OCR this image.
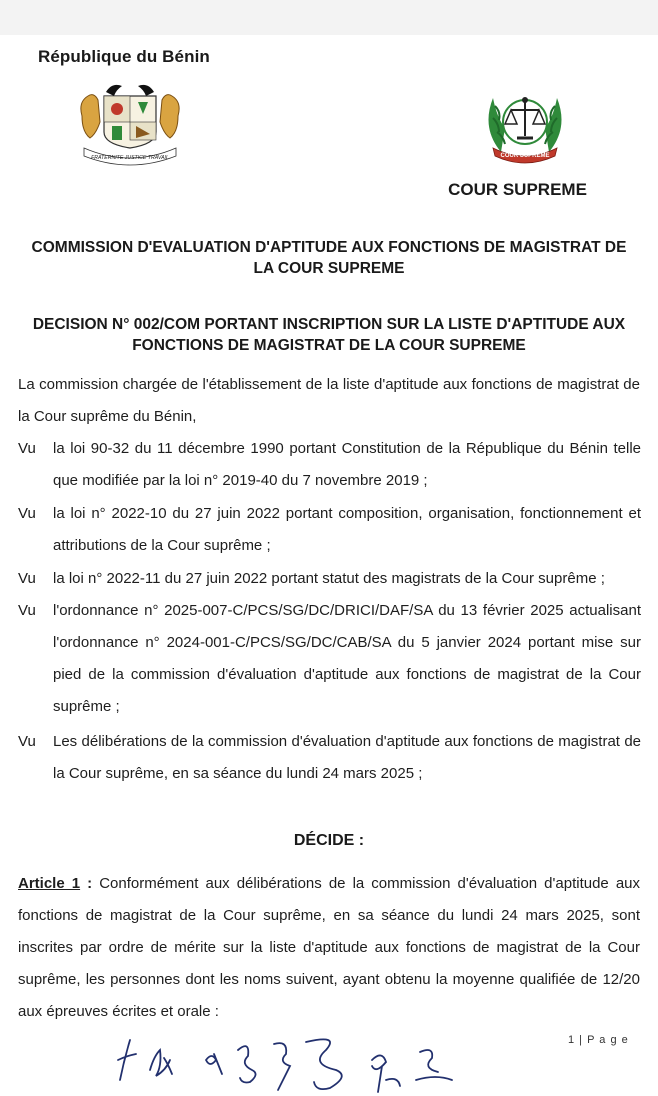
République du Bénin
FRATERNITE JUSTICE TRAVAIL	COUR SUPREME
COUR SUPREME
COMMISSION D'EVALUATION D'APTITUDE AUX FONCTIONS DE MAGISTRAT DE
LA COUR SUPREME
DECISION N° 002/COM PORTANT INSCRIPTION SUR LA LISTE D'APTITUDE AUX
FONCTIONS DE MAGISTRAT DE LA COUR SUPREME
La commission chargée de l'établissement de la liste d'aptitude aux fonctions de magistrat de la Cour suprême du Bénin,
Vu la loi 90-32 du 11 décembre 1990 portant Constitution de la République du Bénin telle que modifiée par la loi n° 2019-40 du 7 novembre 2019 ;
Vu la loi n° 2022-10 du 27 juin 2022 portant composition, organisation, fonctionnement et attributions de la Cour suprême ;
Vu la loi n° 2022-11 du 27 juin 2022 portant statut des magistrats de la Cour suprême ;
Vu l'ordonnance n° 2025-007-C/PCS/SG/DC/DRICI/DAF/SA du 13 février 2025 actualisant l'ordonnance n° 2024-001-C/PCS/SG/DC/CAB/SA du 5 janvier 2024 portant mise sur pied de la commission d'évaluation d'aptitude aux fonctions de magistrat de la Cour suprême ;
Vu Les délibérations de la commission d'évaluation d'aptitude aux fonctions de magistrat de la Cour suprême, en sa séance du lundi 24 mars 2025 ;
DÉCIDE :
Article 1 : Conformément aux délibérations de la commission d'évaluation d'aptitude aux fonctions de magistrat de la Cour suprême, en sa séance du lundi 24 mars 2025, sont inscrites par ordre de mérite sur la liste d'aptitude aux fonctions de magistrat de la Cour suprême, les personnes dont les noms suivent, ayant obtenu la moyenne qualifiée de 12/20 aux épreuves écrites et orale :
1 | P a g e
